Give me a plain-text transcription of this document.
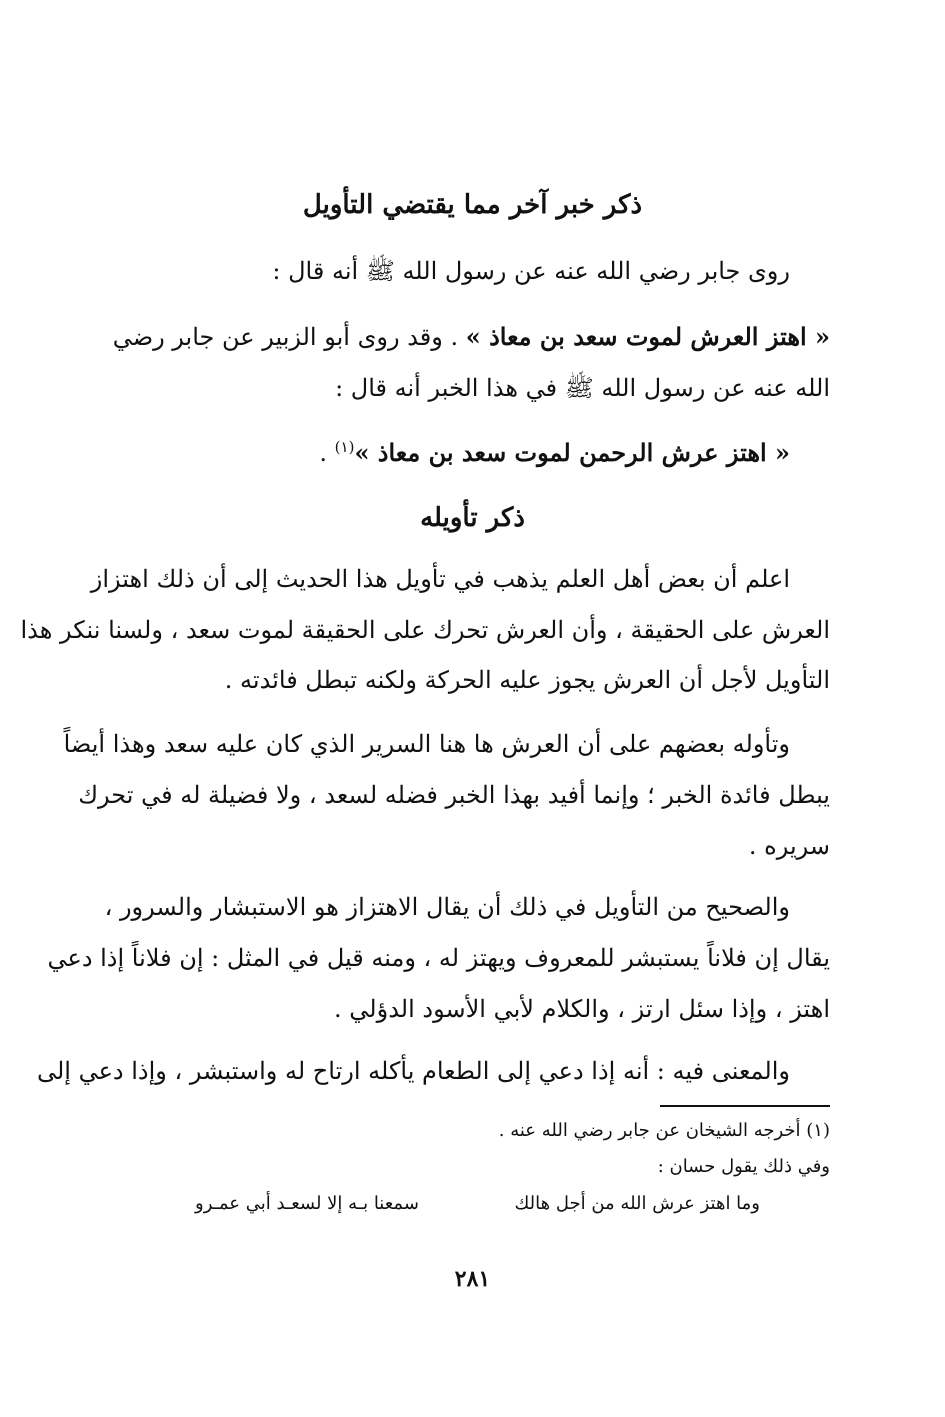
ذكر خبر آخر مما يقتضي التأويل
روى جابر رضي الله عنه عن رسول الله ﷺ أنه قال :
« اهتز العرش لموت سعد بن معاذ » . وقد روى أبو الزبير عن جابر رضي
الله عنه عن رسول الله ﷺ في هذا الخبر أنه قال :
« اهتز عرش الرحمن لموت سعد بن معاذ »$^{(١)}$ .
ذكر تأويله
اعلم أن بعض أهل العلم يذهب في تأويل هذا الحديث إلى أن ذلك اهتزاز
العرش على الحقيقة ، وأن العرش تحرك على الحقيقة لموت سعد ، ولسنا ننكر هذا
التأويل لأجل أن العرش يجوز عليه الحركة ولكنه تبطل فائدته .
وتأوله بعضهم على أن العرش ها هنا السرير الذي كان عليه سعد وهذا أيضاً
يبطل فائدة الخبر ؛ وإنما أفيد بهذا الخبر فضله لسعد ، ولا فضيلة له في تحرك
سريره .
والصحيح من التأويل في ذلك أن يقال الاهتزاز هو الاستبشار والسرور ،
يقال إن فلاناً يستبشر للمعروف ويهتز له ، ومنه قيل في المثل : إن فلاناً إذا دعي
اهتز ، وإذا سئل ارتز ، والكلام لأبي الأسود الدؤلي .
والمعنى فيه : أنه إذا دعي إلى الطعام يأكله ارتاح له واستبشر ، وإذا دعي إلى
(١) أخرجه الشيخان عن جابر رضي الله عنه .
وفي ذلك يقول حسان :
وما اهتز عرش الله من أجل هالك
سمعنا بـه إلا لسعـد أبي عمـرو
٢٨١
